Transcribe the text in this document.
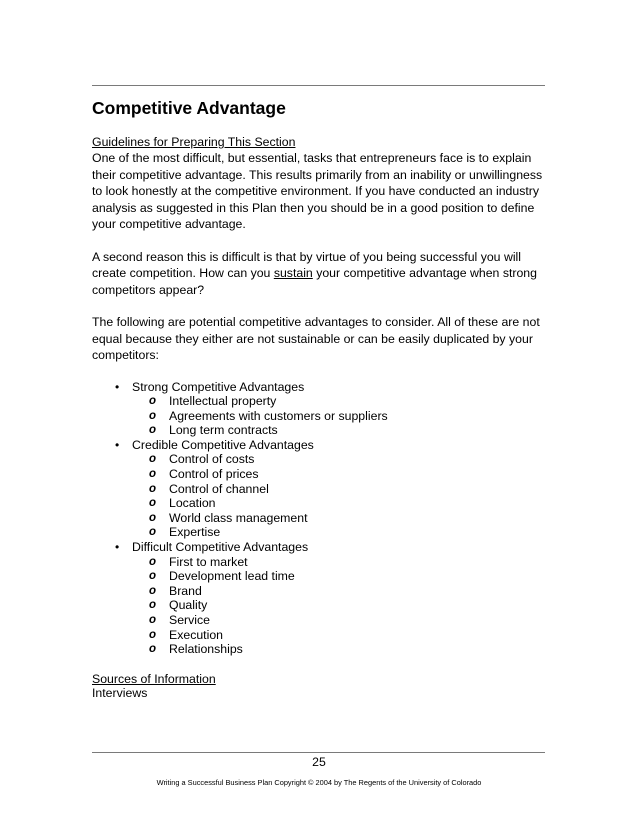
Competitive Advantage
Guidelines for Preparing This Section

One of the most difficult, but essential, tasks that entrepreneurs face is to explain their competitive advantage. This results primarily from an inability or unwillingness to look honestly at the competitive environment. If you have conducted an industry analysis as suggested in this Plan then you should be in a good position to define your competitive advantage.

A second reason this is difficult is that by virtue of you being successful you will create competition. How can you sustain your competitive advantage when strong competitors appear?

The following are potential competitive advantages to consider. All of these are not equal because they either are not sustainable or can be easily duplicated by your competitors:

• Strong Competitive Advantages
o Intellectual property
o Agreements with customers or suppliers
o Long term contracts
• Credible Competitive Advantages
o Control of costs
o Control of prices
o Control of channel
o Location
o World class management
o Expertise
• Difficult Competitive Advantages
o First to market
o Development lead time
o Brand
o Quality
o Service
o Execution
o Relationships
Sources of Information
Interviews
25
Writing a Successful Business Plan Copyright © 2004 by The Regents of the University of Colorado
